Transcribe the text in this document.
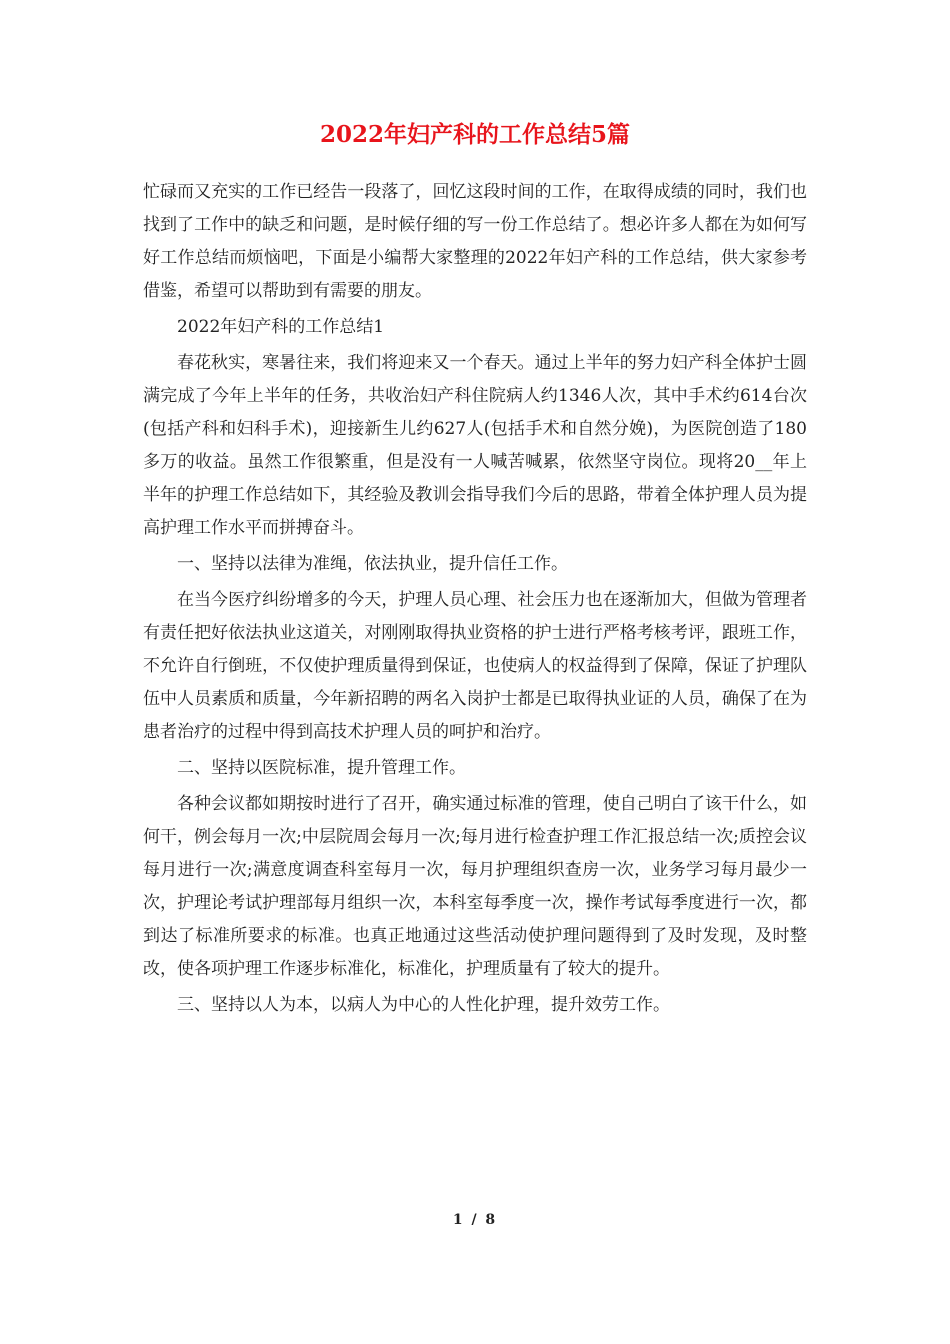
2022年妇产科的工作总结5篇

忙碌而又充实的工作已经告一段落了，回忆这段时间的工作，在取得成绩的同时，我们也找到了工作中的缺乏和问题，是时候仔细的写一份工作总结了。想必许多人都在为如何写好工作总结而烦恼吧，下面是小编帮大家整理的2022年妇产科的工作总结，供大家参考借鉴，希望可以帮助到有需要的朋友。

2022年妇产科的工作总结1

春花秋实，寒暑往来，我们将迎来又一个春天。通过上半年的努力妇产科全体护士圆满完成了今年上半年的任务，共收治妇产科住院病人约1346人次，其中手术约614台次(包括产科和妇科手术)，迎接新生儿约627人(包括手术和自然分娩)，为医院创造了180多万的收益。虽然工作很繁重，但是没有一人喊苦喊累，依然坚守岗位。现将20__年上半年的护理工作总结如下，其经验及教训会指导我们今后的思路，带着全体护理人员为提高护理工作水平而拼搏奋斗。

一、坚持以法律为准绳，依法执业，提升信任工作。

在当今医疗纠纷增多的今天，护理人员心理、社会压力也在逐渐加大，但做为管理者有责任把好依法执业这道关，对刚刚取得执业资格的护士进行严格考核考评，跟班工作，不允许自行倒班，不仅使护理质量得到保证，也使病人的权益得到了保障，保证了护理队伍中人员素质和质量，今年新招聘的两名入岗护士都是已取得执业证的人员，确保了在为患者治疗的过程中得到高技术护理人员的呵护和治疗。

二、坚持以医院标准，提升管理工作。

各种会议都如期按时进行了召开，确实通过标准的管理，使自己明白了该干什么，如何干，例会每月一次;中层院周会每月一次;每月进行检查护理工作汇报总结一次;质控会议每月进行一次;满意度调查科室每月一次，每月护理组织查房一次，业务学习每月最少一次，护理论考试护理部每月组织一次，本科室每季度一次，操作考试每季度进行一次，都到达了标准所要求的标准。也真正地通过这些活动使护理问题得到了及时发现，及时整改，使各项护理工作逐步标准化，标准化，护理质量有了较大的提升。

三、坚持以人为本，以病人为中心的人性化护理，提升效劳工作。

1 / 8
